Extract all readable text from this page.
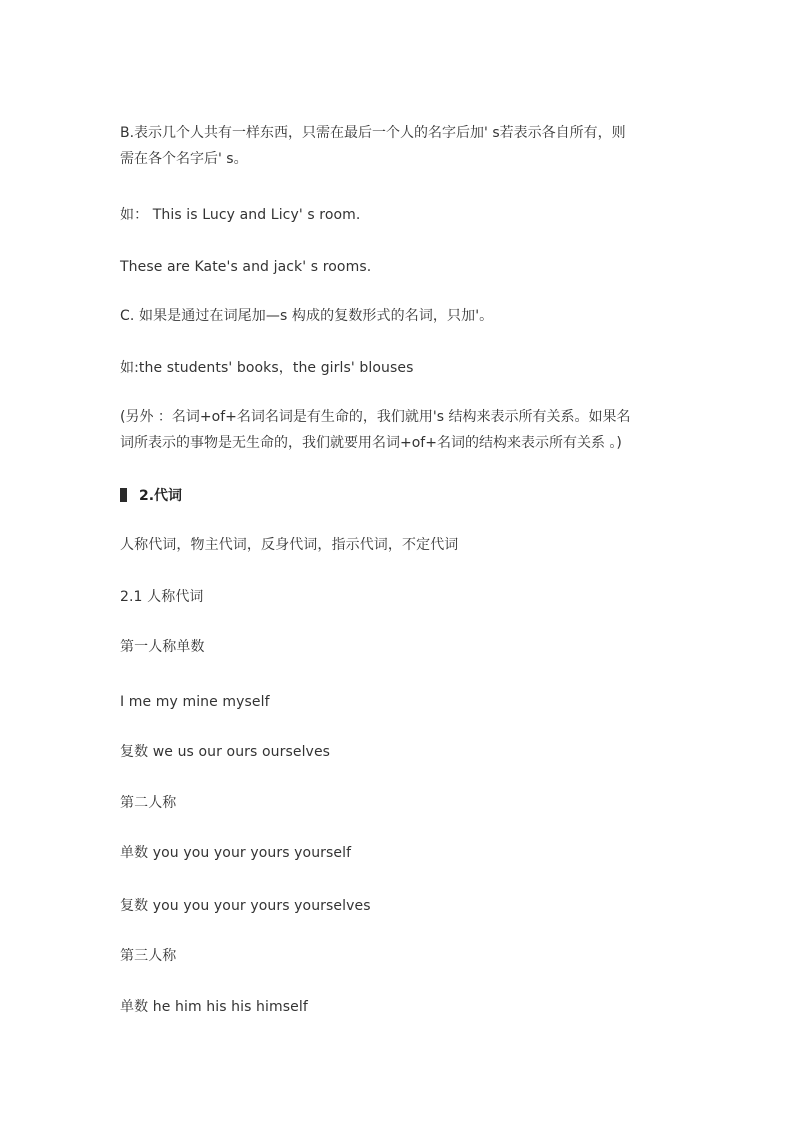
B.表示几个人共有一样东西，只需在最后一个人的名字后加' s若表示各自所有，则
需在各个名字后' s。
如： This is Lucy and Licy' s room.
These are Kate's and jack' s rooms.
C. 如果是通过在词尾加—s 构成的复数形式的名词，只加'。
如:the students' books，the girls' blouses
(另外 ：名词+of+名词名词是有生命的，我们就用's 结构来表示所有关系。如果名
词所表示的事物是无生命的，我们就要用名词+of+名词的结构来表示所有关系 。)
2.代词
人称代词，物主代词，反身代词，指示代词，不定代词
2.1 人称代词
第一人称单数
I me my mine myself
复数 we us our ours ourselves
第二人称
单数 you you your yours yourself
复数 you you your yours yourselves
第三人称
单数 he him his his himself
